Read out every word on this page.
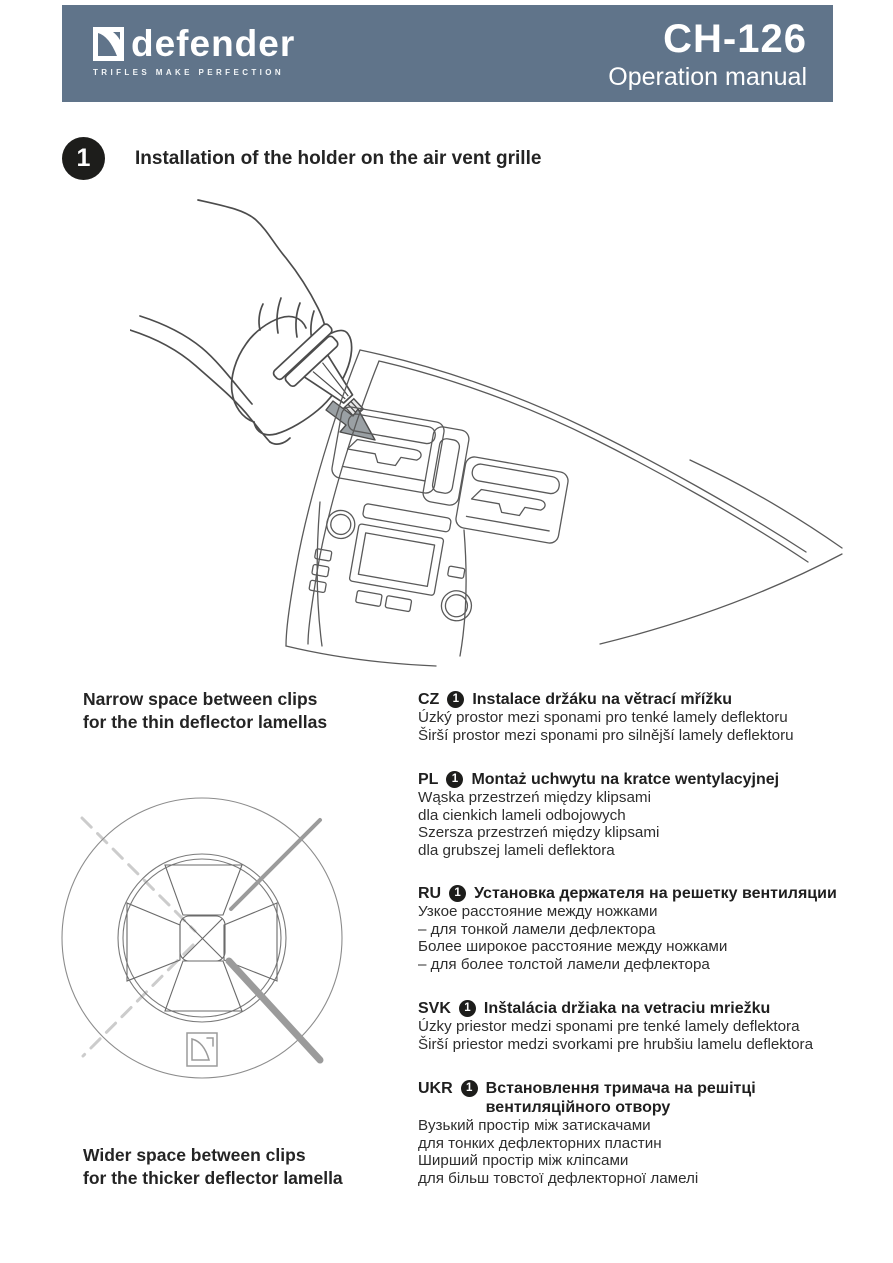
defender
TRIFLES MAKE PERFECTION
CH-126
Operation manual
1	Installation of the holder on the air vent grille
Narrow space between clips
for the thin deflector lamellas
Wider space between clips
for the thicker deflector lamella
CZ	1 Instalace držáku na větrací mřížku
Úzký prostor mezi sponami pro tenké lamely deflektoru
Širší prostor mezi sponami pro silnější lamely deflektoru
PL	1 Montaż uchwytu na kratce wentylacyjnej
Wąska przestrzeń między klipsami
dla cienkich lameli odbojowych
Szersza przestrzeń między klipsami
dla grubszej lameli deflektora
RU	1 Установка держателя на решетку вентиляции
Узкое расстояние между ножками
– для тонкой ламели дефлектора
Более широкое расстояние между ножками
– для более толстой ламели дефлектора
SVK	1 Inštalácia držiaka na vetraciu mriežku
Úzky priestor medzi sponami pre tenké lamely deflektora
Širší priestor medzi svorkami pre hrubšiu lamelu deflektora
UKR	1 Встановлення тримача на решітці вентиляційного отвору
Вузький простір між затискачами
для тонких дефлекторних пластин
Ширший простір між кліпсами
для більш товстої дефлекторної ламелі
